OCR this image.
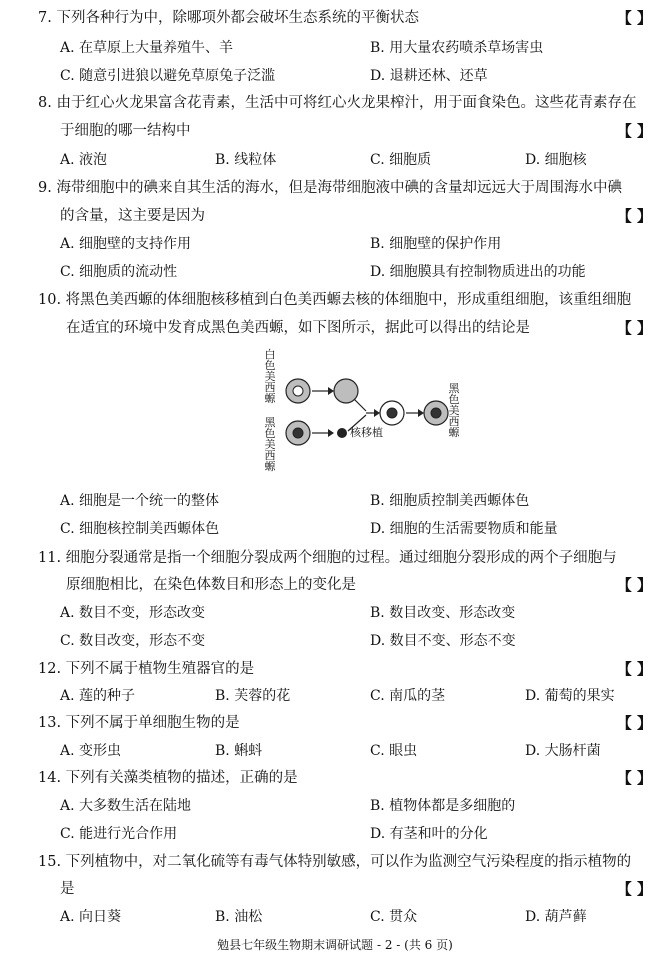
7. 下列各种行为中，除哪项外都会破坏生态系统的平衡状态	【 】
A. 在草原上大量养殖牛、羊	B. 用大量农药喷杀草场害虫
C. 随意引进狼以避免草原兔子泛滥	D. 退耕还林、还草
8. 由于红心火龙果富含花青素，生活中可将红心火龙果榨汁，用于面食染色。这些花青素存在
于细胞的哪一结构中	【 】
A. 液泡	B. 线粒体	C. 细胞质	D. 细胞核
9. 海带细胞中的碘来自其生活的海水，但是海带细胞液中碘的含量却远远大于周围海水中碘
的含量，这主要是因为	【 】
A. 细胞壁的支持作用	B. 细胞壁的保护作用
C. 细胞质的流动性	D. 细胞膜具有控制物质进出的功能
10. 将黑色美西螈的体细胞核移植到白色美西螈去核的体细胞中，形成重组细胞，该重组细胞
在适宜的环境中发育成黑色美西螈，如下图所示，据此可以得出的结论是	【 】
白色美西螈
黑色美西螈
黑色美西螈
核移植
A. 细胞是一个统一的整体	B. 细胞质控制美西螈体色
C. 细胞核控制美西螈体色	D. 细胞的生活需要物质和能量
11. 细胞分裂通常是指一个细胞分裂成两个细胞的过程。通过细胞分裂形成的两个子细胞与
原细胞相比，在染色体数目和形态上的变化是	【 】
A. 数目不变，形态改变	B. 数目改变、形态改变
C. 数目改变，形态不变	D. 数目不变、形态不变
12. 下列不属于植物生殖器官的是	【 】
A. 莲的种子	B. 芙蓉的花	C. 南瓜的茎	D. 葡萄的果实
13. 下列不属于单细胞生物的是	【 】
A. 变形虫	B. 蝌蚪	C. 眼虫	D. 大肠杆菌
14. 下列有关藻类植物的描述，正确的是	【 】
A. 大多数生活在陆地	B. 植物体都是多细胞的
C. 能进行光合作用	D. 有茎和叶的分化
15. 下列植物中，对二氧化硫等有毒气体特别敏感，可以作为监测空气污染程度的指示植物的
是	【 】
A. 向日葵	B. 油松	C. 贯众	D. 葫芦藓
勉县七年级生物期末调研试题 - 2 - (共 6 页)
